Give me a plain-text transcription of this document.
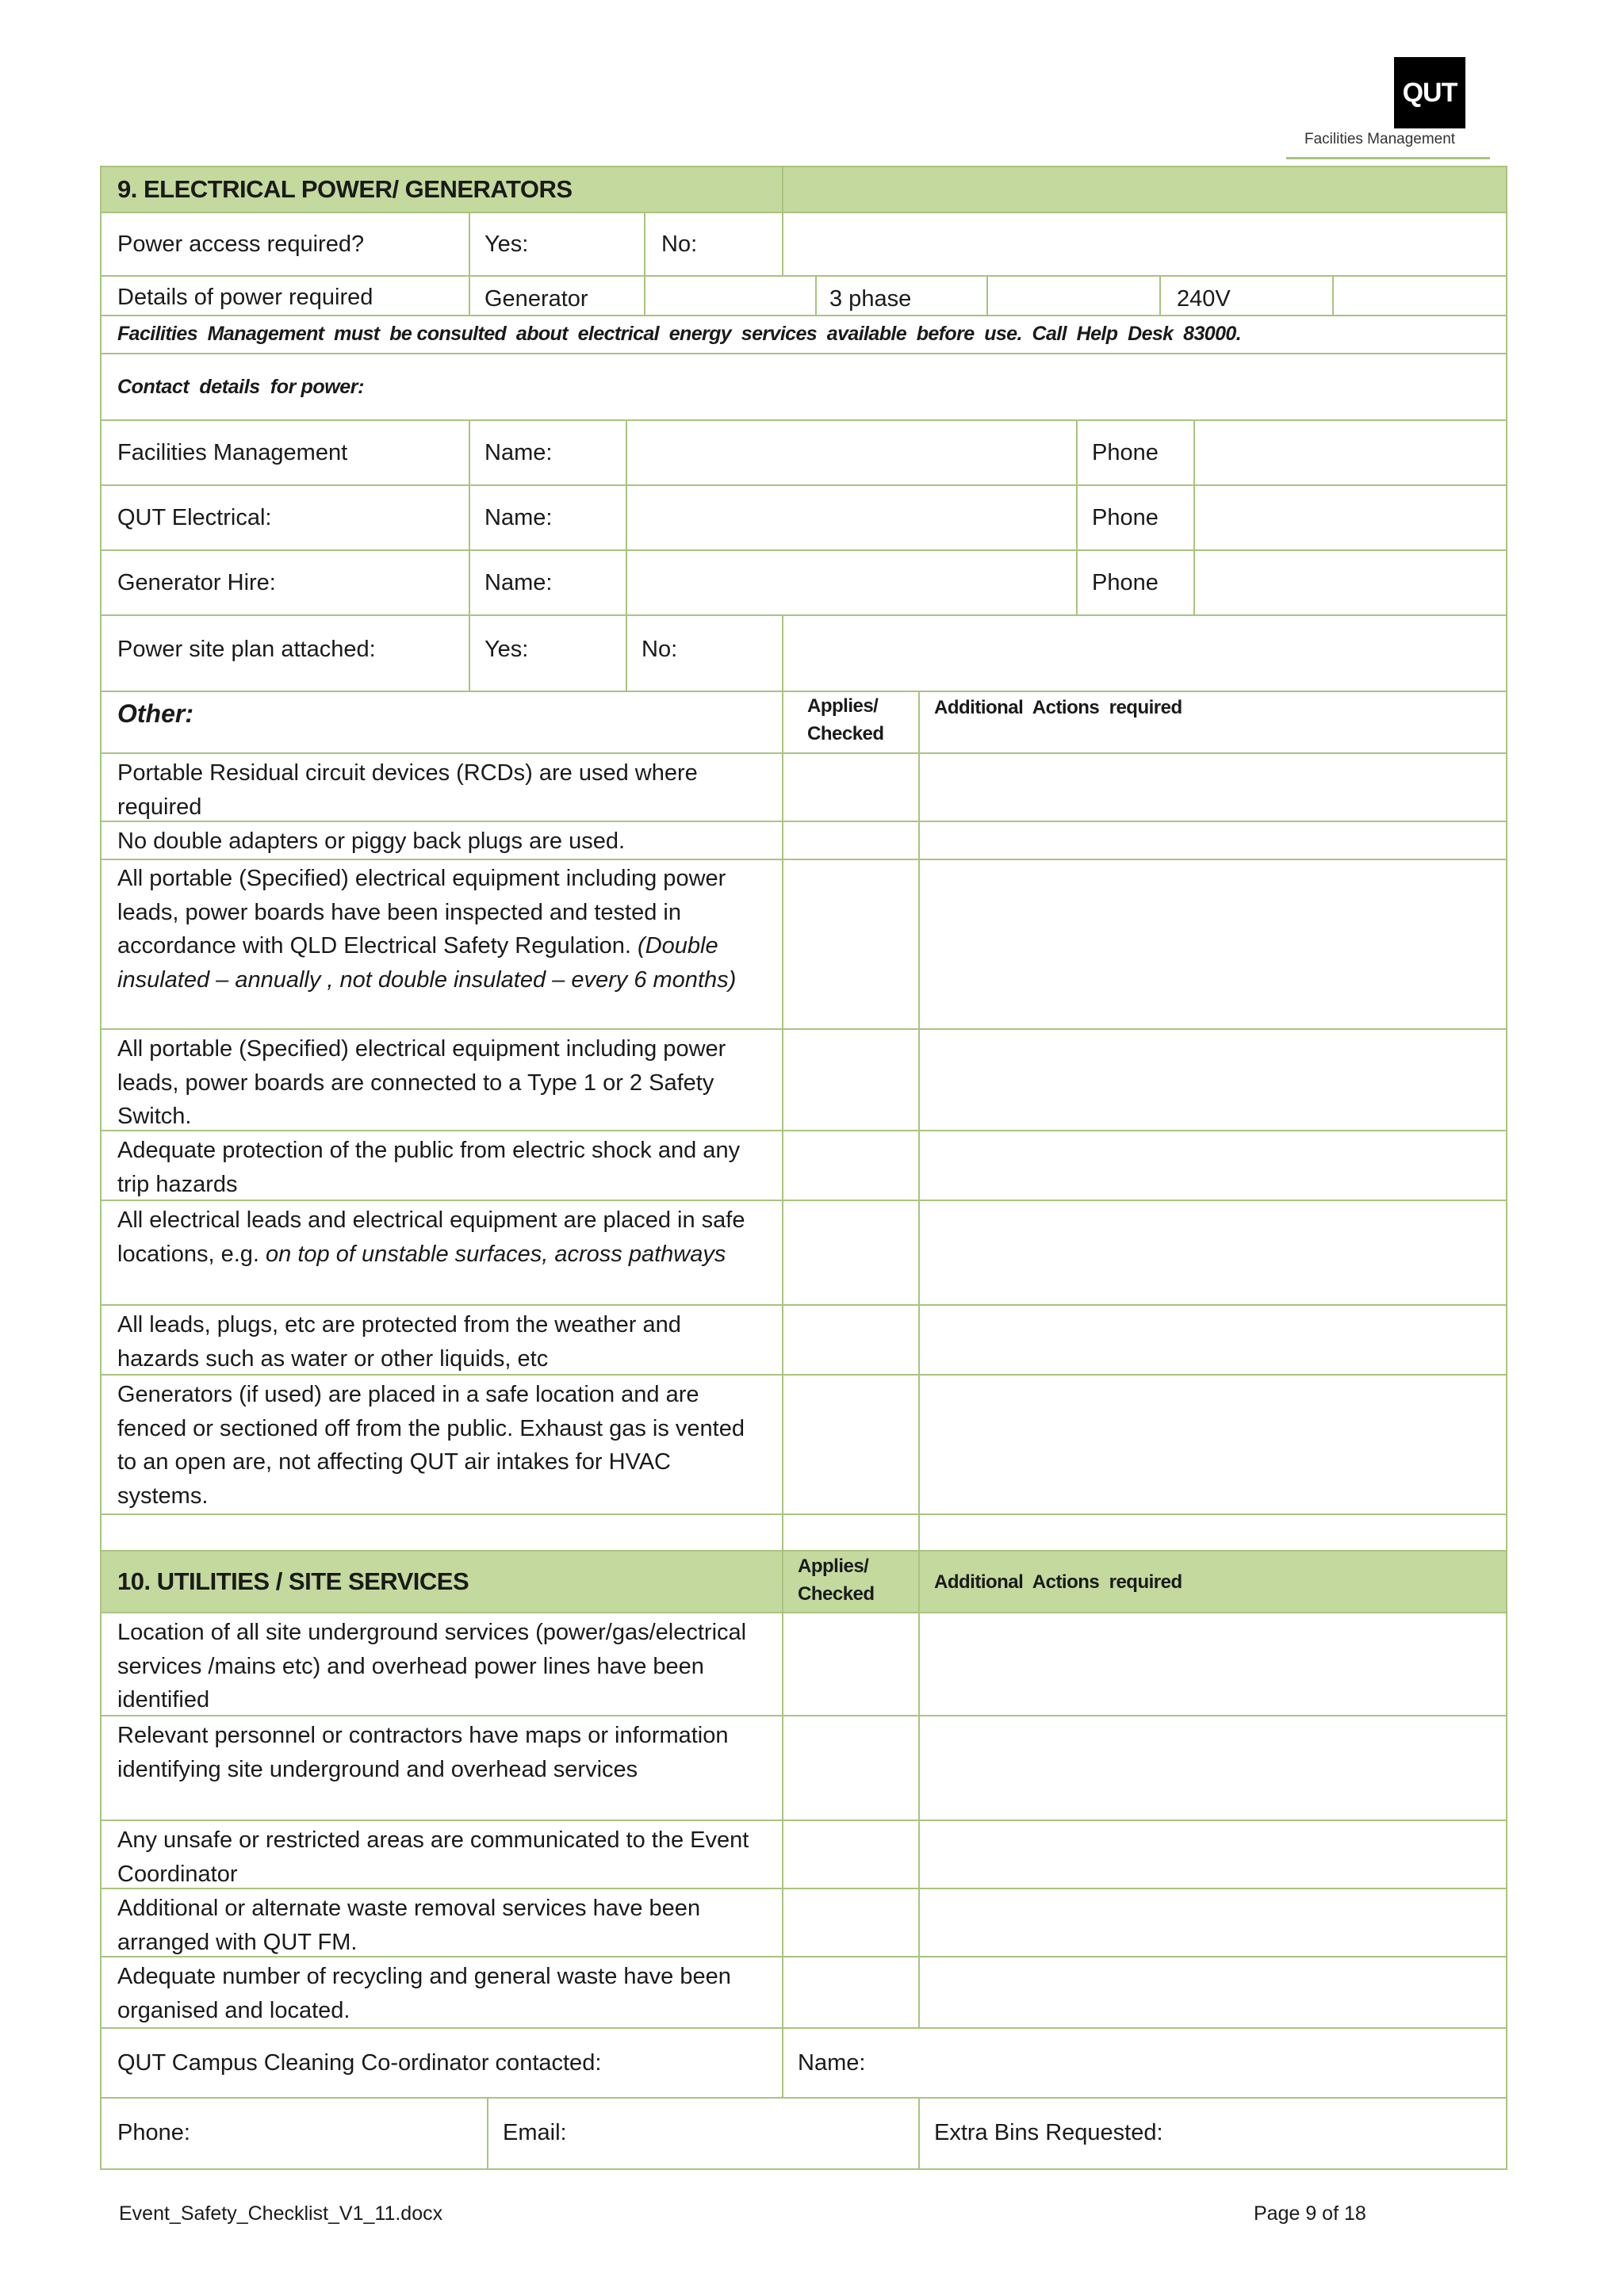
QUT
Facilities Management
9. ELECTRICAL POWER/ GENERATORS
Power access required?	Yes:	No:
Details of power required	Generator	3 phase	240V
Facilities  Management  must  be consulted  about  electrical  energy  services  available  before  use.  Call  Help  Desk  83000.
Contact  details  for power:
Facilities Management	Name:	Phone
QUT Electrical:	Name:	Phone
Generator Hire:	Name:	Phone
Power site plan attached:	Yes:	No:
Other:	Applies/
Checked
Additional  Actions  required
Portable Residual circuit devices (RCDs) are used where required
No double adapters or piggy back plugs are used.
All portable (Specified) electrical equipment including power leads, power boards have been inspected and tested in accordance with QLD Electrical Safety Regulation. (Double insulated – annually , not double insulated – every 6 months)
All portable (Specified) electrical equipment including power leads, power boards are connected to a Type 1 or 2 Safety Switch.
Adequate protection of the public from electric shock and any trip hazards
All electrical leads and electrical equipment are placed in safe locations, e.g. on top of unstable surfaces, across pathways
All leads, plugs, etc are protected from the weather and hazards such as water or other liquids, etc
Generators (if used) are placed in a safe location and are fenced or sectioned off from the public. Exhaust gas is vented to an open are, not affecting QUT air intakes for HVAC systems.
10. UTILITIES / SITE SERVICES
Applies/
Checked
Additional  Actions  required
Location of all site underground services (power/gas/electrical services /mains etc) and overhead power lines have been identified
Relevant personnel or contractors have maps or information identifying site underground and overhead services
Any unsafe or restricted areas are communicated to the Event Coordinator
Additional or alternate waste removal services have been arranged with QUT FM.
Adequate number of recycling and general waste have been organised and located.
QUT Campus Cleaning Co-ordinator contacted:	Name:
Phone:	Email:	Extra Bins Requested:
Event_Safety_Checklist_V1_11.docx	Page 9 of 18
